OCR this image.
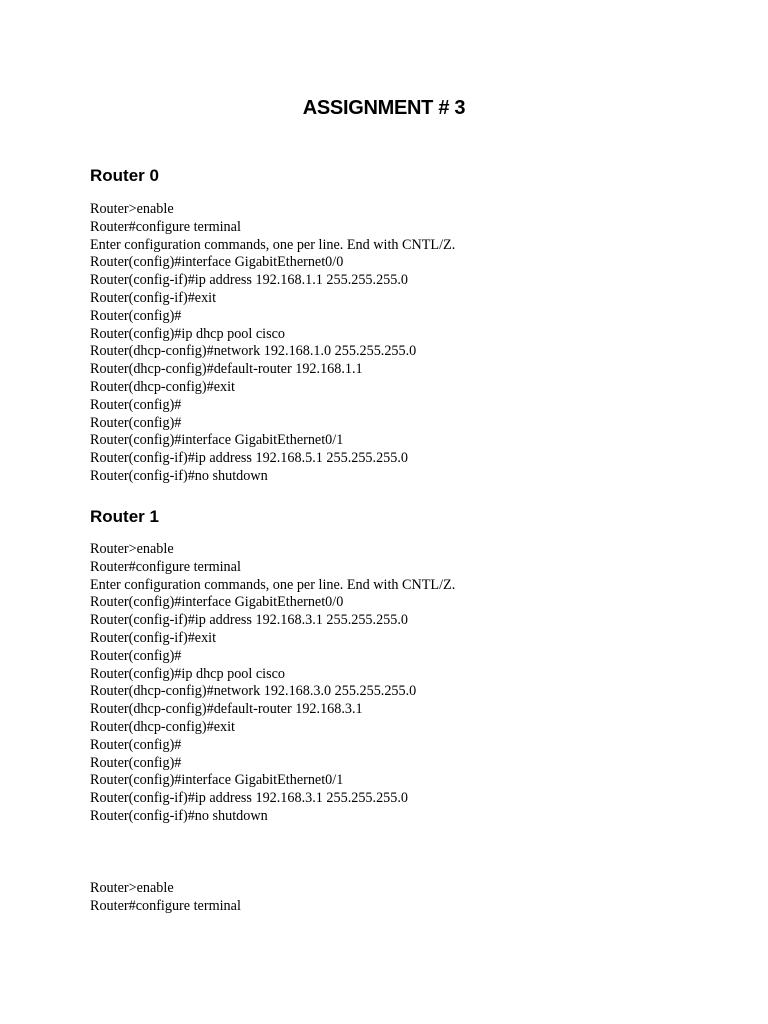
ASSIGNMENT # 3
Router 0
Router>enable
Router#configure terminal
Enter configuration commands, one per line. End with CNTL/Z.
Router(config)#interface GigabitEthernet0/0
Router(config-if)#ip address 192.168.1.1 255.255.255.0
Router(config-if)#exit
Router(config)#
Router(config)#ip dhcp pool cisco
Router(dhcp-config)#network 192.168.1.0 255.255.255.0
Router(dhcp-config)#default-router 192.168.1.1
Router(dhcp-config)#exit
Router(config)#
Router(config)#
Router(config)#interface GigabitEthernet0/1
Router(config-if)#ip address 192.168.5.1 255.255.255.0
Router(config-if)#no shutdown
Router 1
Router>enable
Router#configure terminal
Enter configuration commands, one per line. End with CNTL/Z.
Router(config)#interface GigabitEthernet0/0
Router(config-if)#ip address 192.168.3.1 255.255.255.0
Router(config-if)#exit
Router(config)#
Router(config)#ip dhcp pool cisco
Router(dhcp-config)#network 192.168.3.0 255.255.255.0
Router(dhcp-config)#default-router 192.168.3.1
Router(dhcp-config)#exit
Router(config)#
Router(config)#
Router(config)#interface GigabitEthernet0/1
Router(config-if)#ip address 192.168.3.1 255.255.255.0
Router(config-if)#no shutdown
Router>enable
Router#configure terminal
